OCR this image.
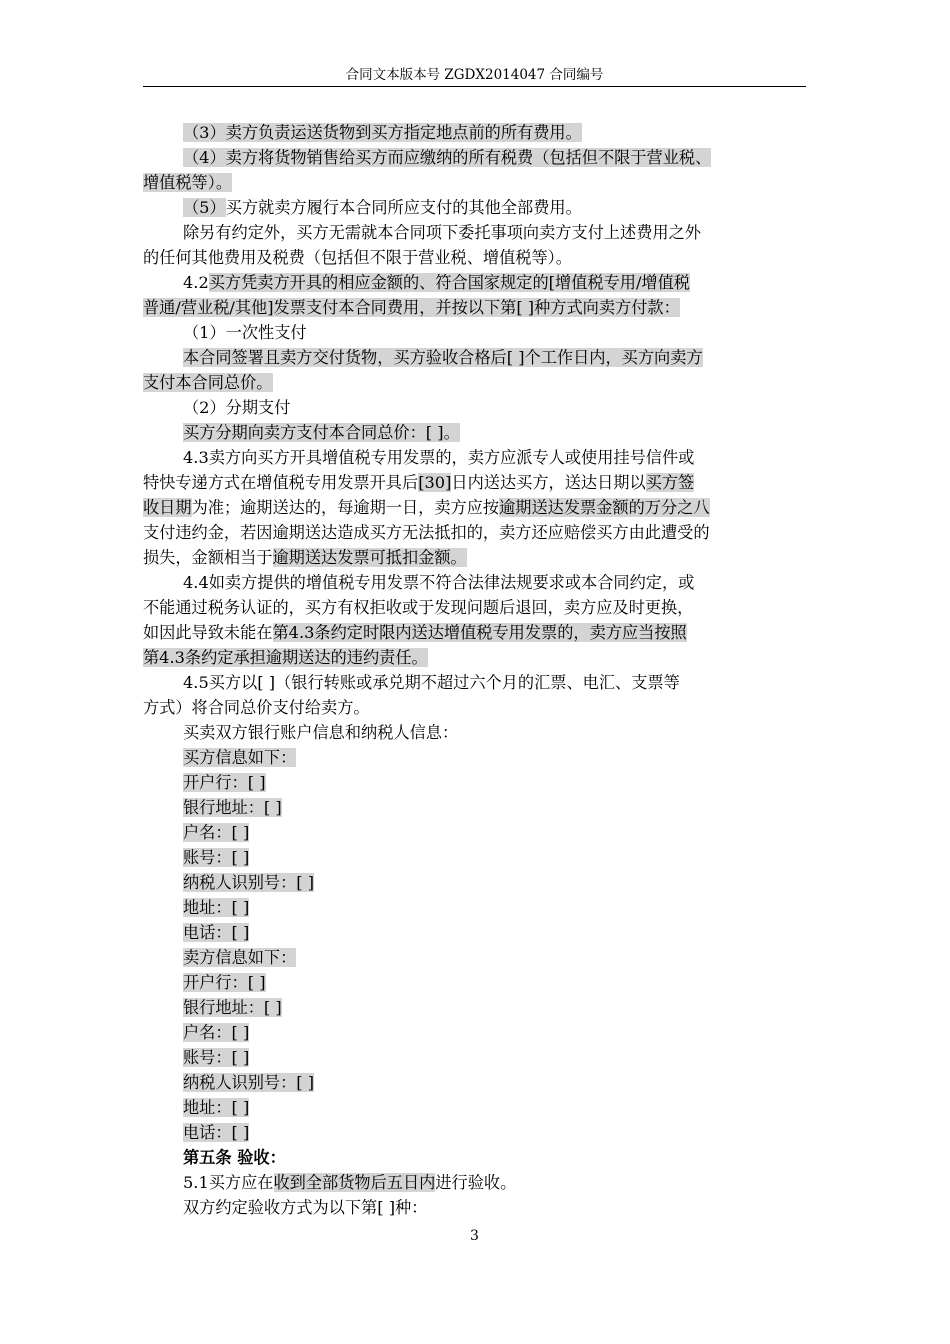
合同文本版本号 ZGDX2014047 合同编号

（3）卖方负责运送货物到买方指定地点前的所有费用。

（4）卖方将货物销售给买方而应缴纳的所有税费（包括但不限于营业税、

增值税等）。

（5）买方就卖方履行本合同所应支付的其他全部费用。

除另有约定外，买方无需就本合同项下委托事项向卖方支付上述费用之外

的任何其他费用及税费（包括但不限于营业税、增值税等）。

4.2买方凭卖方开具的相应金额的、符合国家规定的[增值税专用/增值税

普通/营业税/其他]发票支付本合同费用，并按以下第[ ]种方式向卖方付款：

（1）一次性支付

本合同签署且卖方交付货物，买方验收合格后[ ]个工作日内，买方向卖方

支付本合同总价。

（2）分期支付

买方分期向卖方支付本合同总价：[ ]。

4.3卖方向买方开具增值税专用发票的，卖方应派专人或使用挂号信件或

特快专递方式在增值税专用发票开具后[30]日内送达买方，送达日期以买方签

收日期为准；逾期送达的，每逾期一日，卖方应按逾期送达发票金额的万分之八

支付违约金，若因逾期送达造成买方无法抵扣的，卖方还应赔偿买方由此遭受的

损失，金额相当于逾期送达发票可抵扣金额。

4.4如卖方提供的增值税专用发票不符合法律法规要求或本合同约定，或

不能通过税务认证的，买方有权拒收或于发现问题后退回，卖方应及时更换，

如因此导致未能在第4.3条约定时限内送达增值税专用发票的，卖方应当按照

第4.3条约定承担逾期送达的违约责任。

4.5买方以[ ]（银行转账或承兑期不超过六个月的汇票、电汇、支票等

方式）将合同总价支付给卖方。

买卖双方银行账户信息和纳税人信息：

买方信息如下：

开户行：[ ]

银行地址：[ ]

户名：[ ]

账号：[ ]

纳税人识别号：[ ]

地址：[ ]

电话：[ ]

卖方信息如下：

开户行：[ ]

银行地址：[ ]

户名：[ ]

账号：[ ]

纳税人识别号：[ ]

地址：[ ]

电话：[ ]

第五条 验收：

5.1买方应在收到全部货物后五日内进行验收。

双方约定验收方式为以下第[ ]种：

3
